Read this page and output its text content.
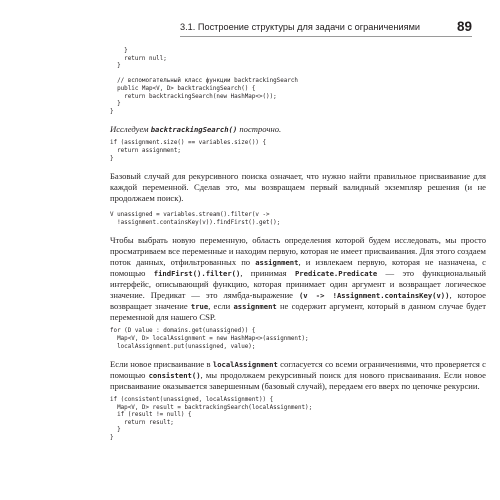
3.1. Построение структуры для задачи с ограничениями	89
}
return null;
}

// вспомогательный класс функции backtrackingSearch
public Map<V, D> backtrackingSearch() {
return backtrackingSearch(new HashMap<>());
}
}

Исследуем backtrackingSearch() построчно.

if (assignment.size() == variables.size()) {
return assignment;
}

Базовый случай для рекурсивного поиска означает, что нужно найти правильное присваивание для каждой переменной. Сделав это, мы возвращаем первый валидный экземпляр решения (и не продолжаем поиск).

V unassigned = variables.stream().filter(v ->
!assignment.containsKey(v)).findFirst().get();

Чтобы выбрать новую переменную, область определения которой будем исследовать, мы просто просматриваем все переменные и находим первую, которая не имеет присваивания. Для этого создаем поток данных, отфильтрованных по assignment, и извлекаем первую, которая не назначена, с помощью findFirst().filter(), принимая Predicate.Predicate — это функциональный интерфейс, описывающий функцию, которая принимает один аргумент и возвращает логическое значение. Предикат — это лямбда-выражение (v -> !Assignment.containsKey(v)), которое возвращает значение true, если assignment не содержит аргумент, который в данном случае будет переменной для нашего CSP.

for (D value : domains.get(unassigned)) {
Map<V, D> localAssignment = new HashMap<>(assignment);
localAssignment.put(unassigned, value);

Если новое присваивание в localAssignment согласуется со всеми ограничениями, что проверяется с помощью consistent(), мы продолжаем рекурсивный поиск для нового присваивания. Если новое присваивание оказывается завершенным (базовый случай), передаем его вверх по цепочке рекурсии.

if (consistent(unassigned, localAssignment)) {
Map<V, D> result = backtrackingSearch(localAssignment);
if (result != null) {
return result;
}
}
